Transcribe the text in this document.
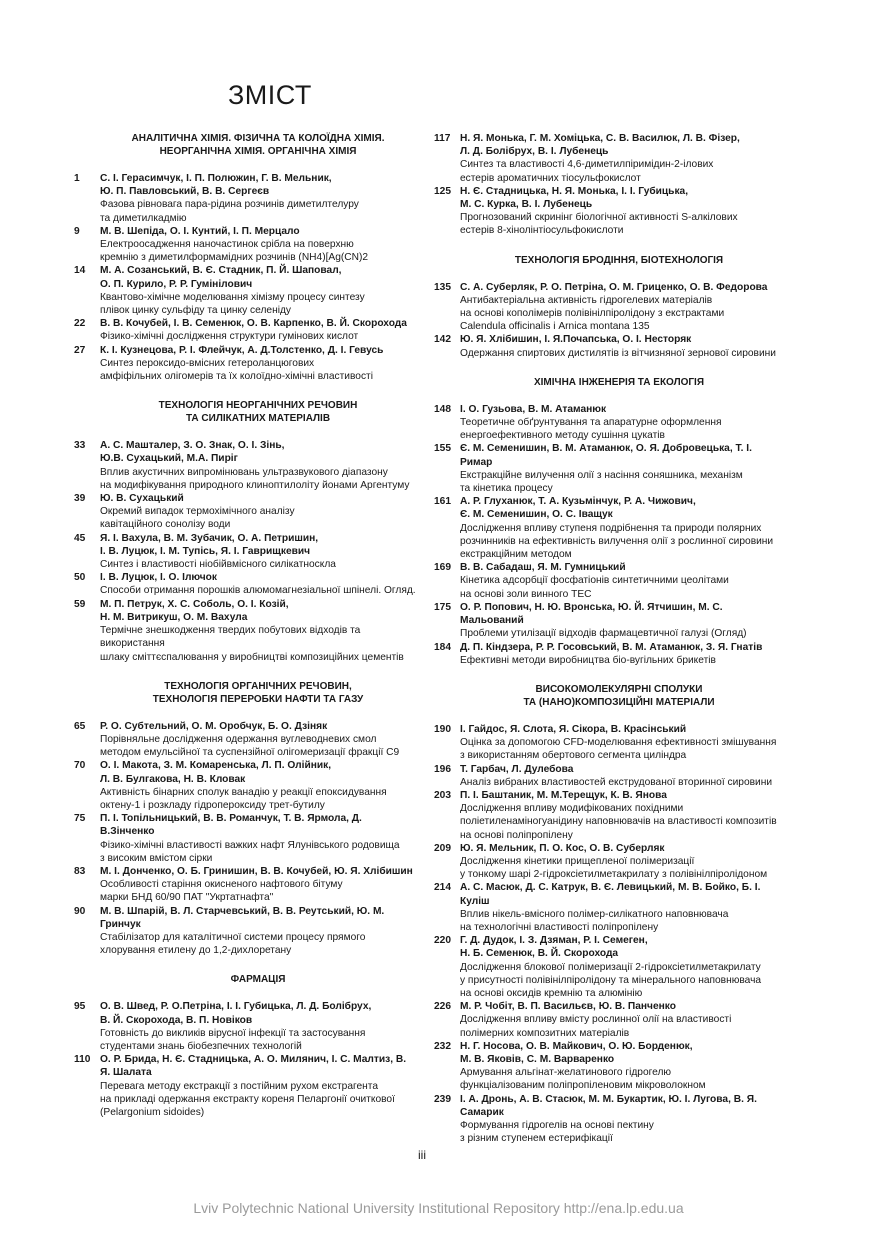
ЗМІСТ
АНАЛІТИЧНА ХІМІЯ. ФІЗИЧНА ТА КОЛОЇДНА ХІМІЯ.
НЕОРГАНІЧНА ХІМІЯ. ОРГАНІЧНА ХІМІЯ
1	С. І. Герасимчук, І. П. Полюжин, Г. В. Мельник,
Ю. П. Павловський, В. В. Сергеєв
Фазова рівновага пара-рідина розчинів диметилтелуру
та диметилкадмію
9	М. В. Шепіда, О. І. Кунтий, І. П. Мерцало
Електроосадження наночастинок срібла на поверхню
кремнію з диметилформамідних розчинів (NH4)[Ag(CN)2
14	М. А. Созанський, В. Є. Стадник, П. Й. Шаповал,
О. П. Курило, Р. Р. Гумінілович
Квантово-хімічне моделювання хімізму процесу синтезу
плівок цинку сульфіду та цинку селеніду
22	В. В. Кочубей, І. В. Семенюк, О. В. Карпенко, В. Й. Скорохода
Фізико-хімічні дослідження структури гумінових кислот
27	К. І. Кузнецова, Р. І. Флейчук, А. Д.Толстенко, Д. І. Гевусь
Синтез пероксидо-вмісних гетероланцюгових
амфіфільних олігомерів та їх колоїдно-хімічні властивості
ТЕХНОЛОГІЯ НЕОРГАНІЧНИХ РЕЧОВИН
ТА СИЛІКАТНИХ МАТЕРІАЛІВ
33	А. С. Машталер, З. О. Знак, О. І. Зінь,
Ю.В. Сухацький, М.А. Пиріг
Вплив акустичних випромінювань ультразвукового діапазону
на модифікування природного клиноптилоліту йонами Аргентуму
39	Ю. В. Сухацький
Окремий випадок термохімічного аналізу
кавітаційного сонолізу води
45	Я. І. Вахула, В. М. Зубачик, О. А. Петришин,
І. В. Луцюк, І. М. Тупісь, Я. І. Гаврищкевич
Синтез і властивості ніобійвмісного силікатноскла
50	І. В. Луцюк, І. О. Ілючок
Способи отримання порошків алюмомагнезіальної шпінелі. Огляд.
59	М. П. Петрук, Х. С. Соболь, О. І. Козій,
Н. М. Витрикуш, О. М. Вахула
Термічне знешкодження твердих побутових відходів та використання
шлаку сміттєспалювання у виробництві композиційних цементів
ТЕХНОЛОГІЯ ОРГАНІЧНИХ РЕЧОВИН,
ТЕХНОЛОГІЯ ПЕРЕРОБКИ НАФТИ ТА ГАЗУ
65	Р. О. Субтельний, О. М. Оробчук, Б. О. Дзіняк
Порівняльне дослідження одержання вуглеводневих смол
методом емульсійної та суспензійної олігомеризації фракції С9
70	О. І. Макота, З. М. Комаренська, Л. П. Олійник,
Л. В. Булгакова, Н. В. Кловак
Активність бінарних сполук ванадію у реакції епоксидування
октену-1 і розкладу гідропероксиду трет-бутилу
75	П. І. Топільницький, В. В. Романчук, Т. В. Ярмола, Д. В.Зінченко
Фізико-хімічні властивості важких нафт Ялунівського родовища
з високим вмістом сірки
83	М. І. Донченко, О. Б. Гринишин, В. В. Кочубей, Ю. Я. Хлібишин
Особливості старіння окисненого нафтового бітуму
марки БНД 60/90 ПАТ "Укртатнафта"
90	М. В. Шпарій, В. Л. Старчевський, В. В. Реутський, Ю. М. Гринчук
Стабілізатор для каталітичної системи процесу прямого
хлорування етилену до 1,2-дихлоретану
ФАРМАЦІЯ
95	О. В. Швед, Р. О.Петріна, І. І. Губицька, Л. Д. Болібрух,
В. Й. Скорохода, В. П. Новіков
Готовність до викликів вірусної інфекції та застосування
студентами знань біобезпечних технологій
110 О. Р. Брида, Н. Є. Стадницька, А. О. Милянич, І. С. Малтиз, В. Я. Шалата
Перевага методу екстракції з постійним рухом екстрагента
на прикладі одержання екстракту кореня Пеларгонії очиткової
(Pelargonium sidoides)
117 Н. Я. Монька, Г. М. Хоміцька, С. В. Василюк, Л. В. Фізер,
Л. Д. Болібрух, В. І. Лубенець
Синтез та властивості 4,6-диметилпіримідин-2-ілових
естерів ароматичних тіосульфокислот
125 Н. Є. Стадницька, Н. Я. Монька, І. І. Губицька,
М. С. Курка, В. І. Лубенець
Прогнозований скринінг біологічної активності S-алкілових
естерів 8-хінолінтіосульфокислоти
ТЕХНОЛОГІЯ БРОДІННЯ, БІОТЕХНОЛОГІЯ
135 С. А. Суберляк, Р. О. Петріна, О. М. Гриценко, О. В. Федорова
Антибактеріальна активність гідрогелевих матеріалів
на основі кополімерів полівінілпіролідону з екстрактами
Calendula officinalis і Arnica montana 135
142 Ю. Я. Хлібишин, І. Я.Почапська, О. І. Несторяк
Одержання спиртових дистилятів із вітчизняної зернової сировини
ХІМІЧНА ІНЖЕНЕРІЯ ТА ЕКОЛОГІЯ
148 І. О. Гузьова, В. М. Атаманюк
Теоретичне обґрунтування та апаратурне оформлення
енергоефективного методу сушіння цукатів
155 Є. М. Семенишин, В. М. Атаманюк, О. Я. Добровецька, Т. І. Римар
Екстракційне вилучення олії з насіння соняшника, механізм
та кінетика процесу
161 А. Р. Глуханюк, Т. А. Кузьмінчук, Р. А. Чижович,
Є. М. Семенишин, О. С. Іващук
Дослідження впливу ступеня подрібнення та природи полярних
розчинників на ефективність вилучення олії з рослинної сировини
екстракційним методом
169 В. В. Сабадаш, Я. М. Гумницький
Кінетика адсорбції фосфатіонів синтетичними цеолітами
на основі золи винного ТЕС
175 О. Р. Попович, Н. Ю. Вронська, Ю. Й. Ятчишин, М. С. Мальований
Проблеми утилізації відходів фармацевтичної галузі (Огляд)
184 Д. П. Кіндзера, Р. Р. Госовський, В. М. Атаманюк, З. Я. Гнатів
Ефективні методи виробництва біо-вугільних брикетів
ВИСОКОМОЛЕКУЛЯРНІ СПОЛУКИ
ТА (НАНО)КОМПОЗИЦІЙНІ МАТЕРІАЛИ
190 І. Гайдос, Я. Слота, Я. Сікора, В. Красінський
Оцінка за допомогою CFD-моделювання ефективності змішування
з використанням обертового сегмента циліндра
196 Т. Гарбач, Л. Дулебова
Аналіз вибраних властивостей екструдованої вторинної сировини
203 П. І. Баштаник, М. М.Терещук, К. В. Янова
Дослідження впливу модифікованих похідними
поліетиленаміногуанідину наповнювачів на властивості композитів
на основі поліпропілену
209 Ю. Я. Мельник, П. О. Кос, О. В. Суберляк
Дослідження кінетики прищепленої полімеризації
у тонкому шарі 2-гідроксіетилметакрилату з полівінілпіролідоном
214 А. С. Масюк, Д. С. Катрук, В. Є. Левицький, М. В. Бойко, Б. І. Куліш
Вплив нікель-вмісного полімер-силікатного наповнювача
на технологічні властивості поліпропілену
220 Г. Д. Дудок, І. З. Дзяман, Р. І. Семеген,
Н. Б. Семенюк, В. Й. Скорохода
Дослідження блокової полімеризації 2-гідроксіетилметакрилату
у присутності полівінілпіролідону та мінерального наповнювача
на основі оксидів кремнію та алюмінію
226 М. Р. Чобіт, В. П. Васильєв, Ю. В. Панченко
Дослідження впливу вмісту рослинної олії на властивості
полімерних композитних матеріалів
232 Н. Г. Носова, О. В. Майкович, О. Ю. Борденюк,
М. В. Яковів, С. М. Варваренко
Армування альгінат-желатинового гідрогелю
функціалізованим поліпропіленовим мікроволокном
239 І. А. Дронь, А. В. Стасюк, М. М. Букартик, Ю. І. Лугова, В. Я. Самарик
Формування гідрогелів на основі пектину
з різним ступенем естерифікації
iii
Lviv Polytechnic National University Institutional Repository http://ena.lp.edu.ua
